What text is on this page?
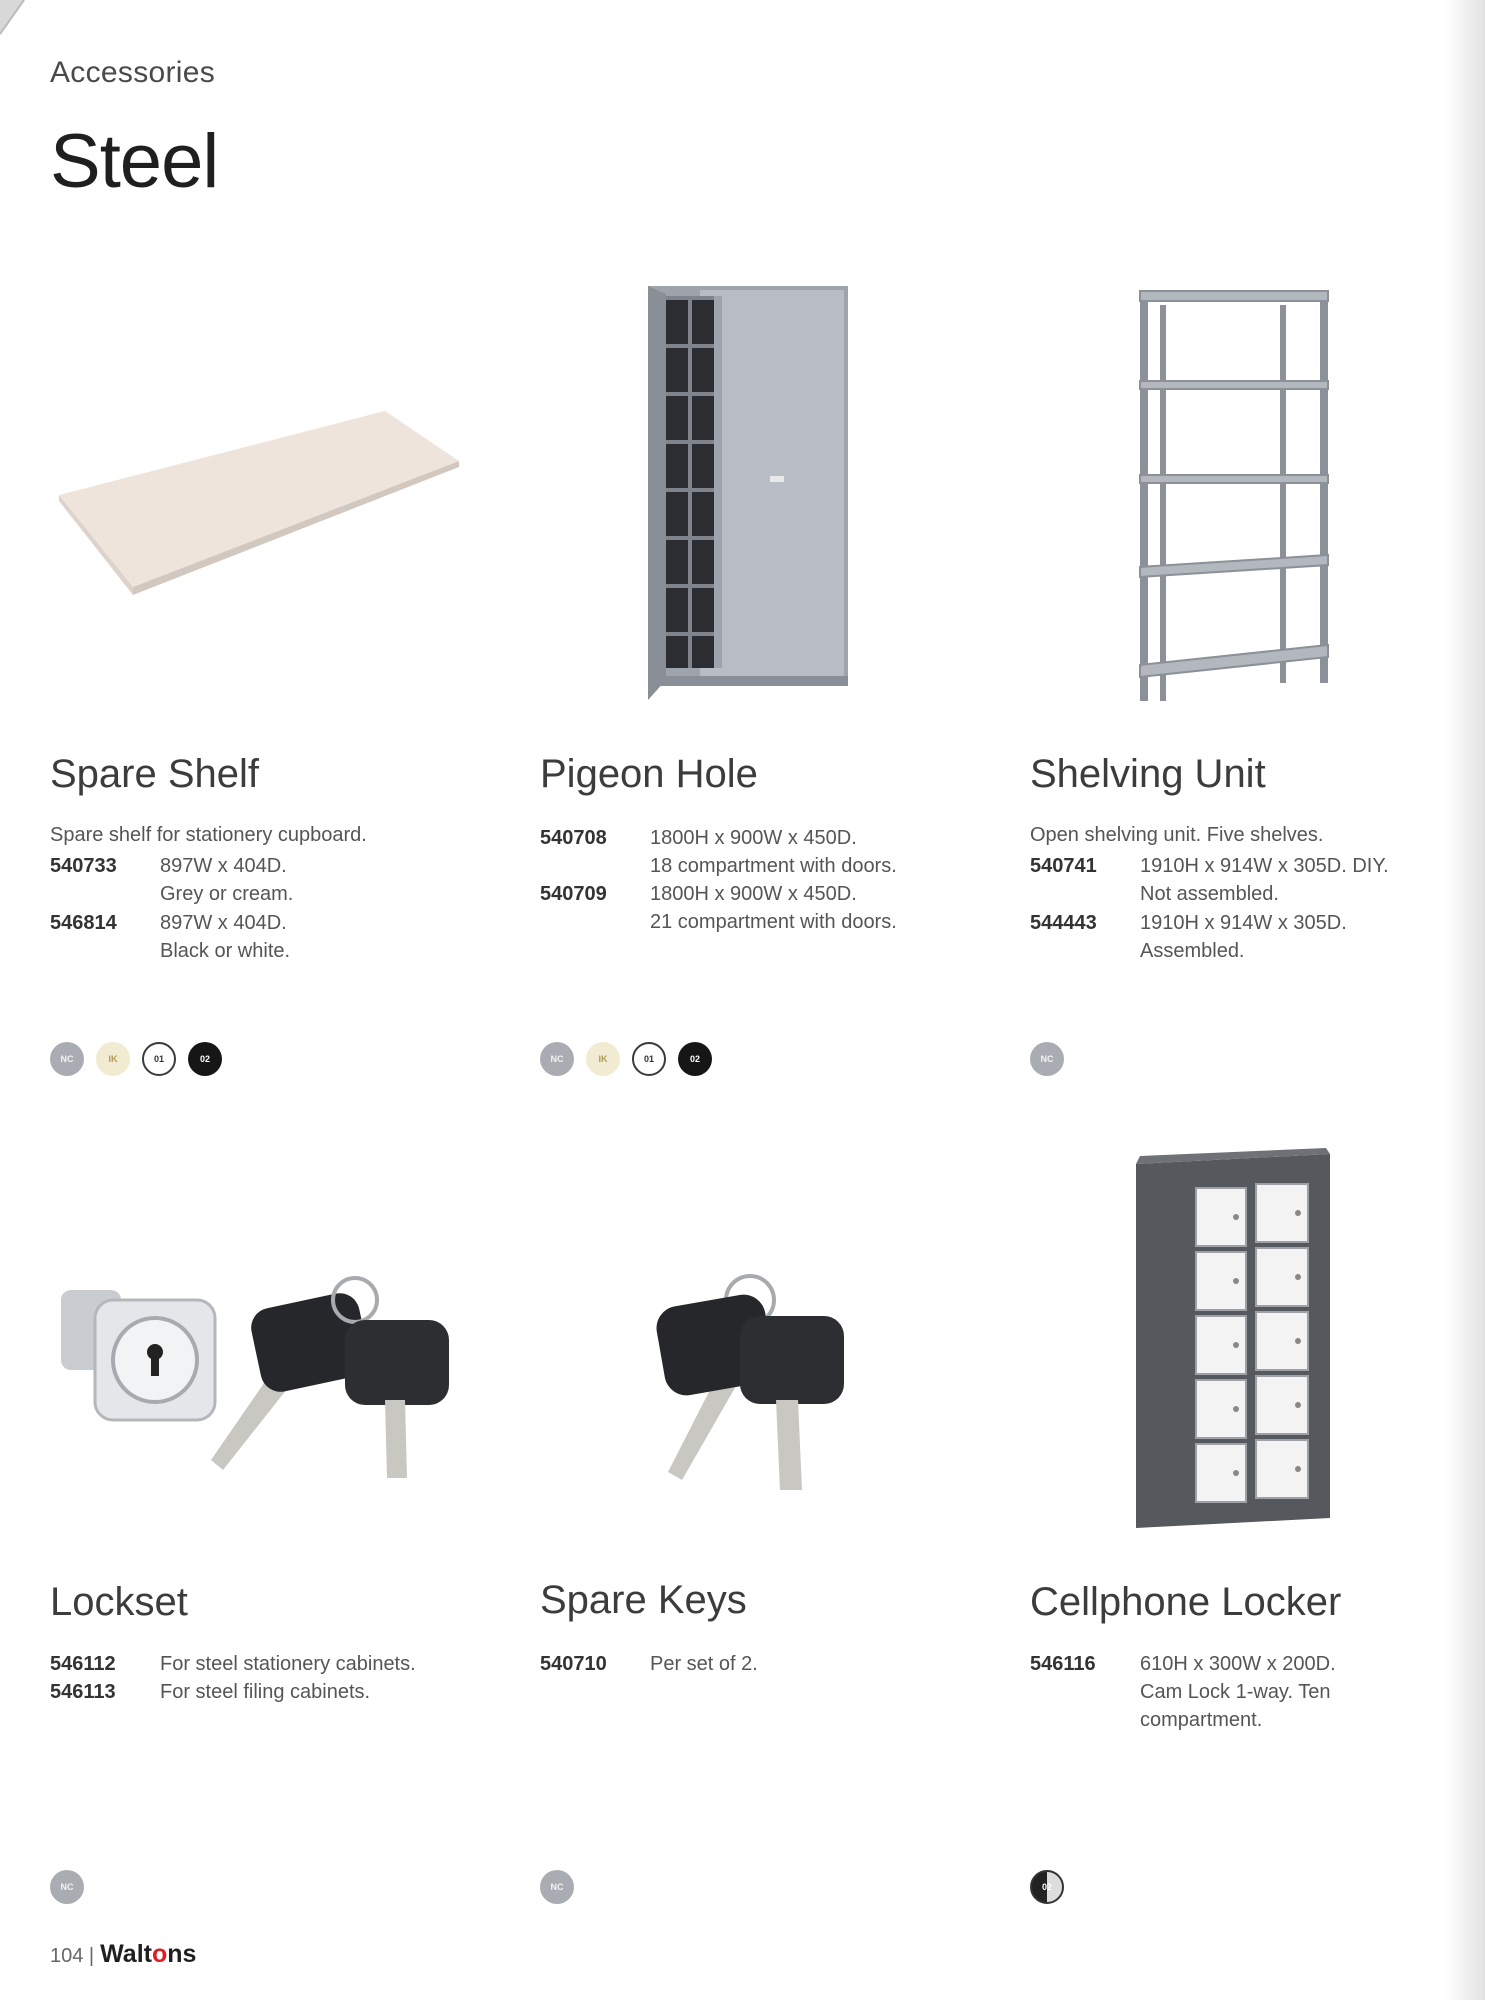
Accessories
Steel
Spare Shelf
Spare shelf for stationery cupboard.
540733	897W x 404D.
Grey or cream.
546814	897W x 404D.
Black or white.
NC	IK	01	02
Pigeon Hole
540708	1800H x 900W x 450D.
18 compartment with doors.
540709	1800H x 900W x 450D.
21 compartment with doors.
NC	IK	01	02
Shelving Unit
Open shelving unit. Five shelves.
540741	1910H x 914W x 305D. DIY.
Not assembled.
544443	1910H x 914W x 305D.
Assembled.
NC
Lockset
546112	For steel stationery cabinets.
546113	For steel filing cabinets.
NC
Spare Keys
540710	Per set of 2.
NC
Cellphone Locker
546116	610H x 300W x 200D.
Cam Lock 1-way. Ten
compartment.
02
104 | Waltons
